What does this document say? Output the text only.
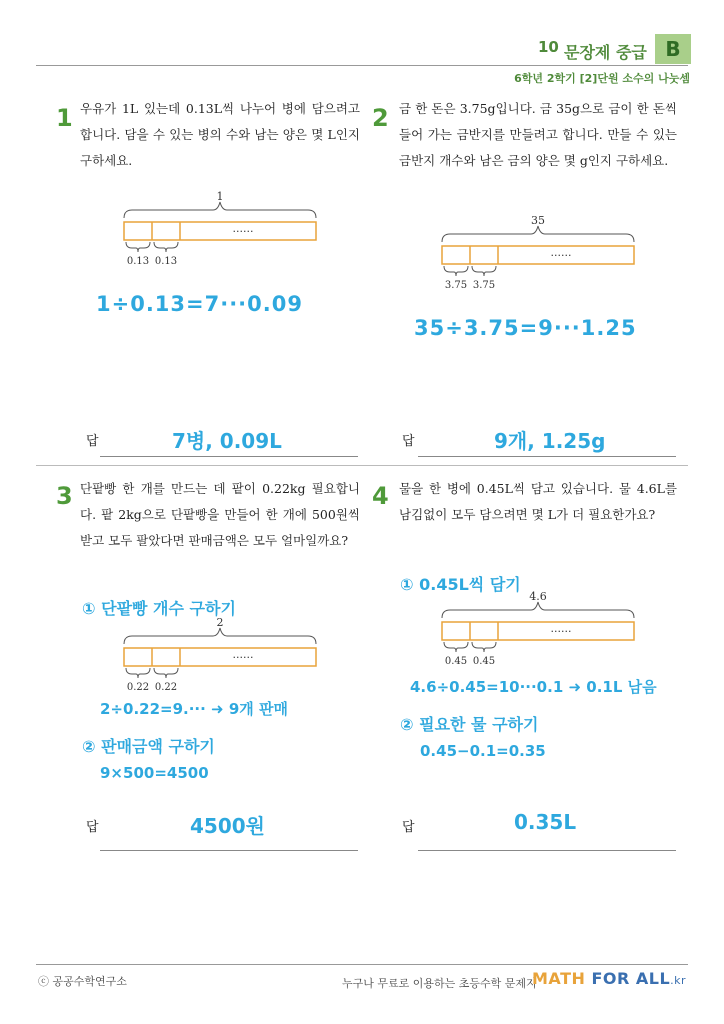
10 문장제 중급 B
6학년 2학기 [2]단원 소수의 나눗셈
1 우유가 1L 있는데 0.13L씩 나누어 병에 담으려고 합니다. 담을 수 있는 병의 수와 남는 양은 몇 L인지 구하세요.
1
······
0.13 0.13
1÷0.13=7···0.09
답	7병, 0.09L
2 금 한 돈은 3.75g입니다. 금 35g으로 금이 한 돈씩 들어 가는 금반지를 만들려고 합니다. 만들 수 있는 금반지 개수와 남은 금의 양은 몇 g인지 구하세요.
35
······
3.75 3.75
35÷3.75=9···1.25
답	9개, 1.25g
3 단팥빵 한 개를 만드는 데 팥이 0.22kg 필요합니다. 팥 2kg으로 단팥빵을 만들어 한 개에 500원씩 받고 모두 팔았다면 판매금액은 모두 얼마일까요?
① 단팥빵 개수 구하기
2
······
0.22 0.22
2÷0.22=9.··· ➜ 9개 판매
② 판매금액 구하기
9×500=4500
답	4500원
4 물을 한 병에 0.45L씩 담고 있습니다. 물 4.6L를 남김없이 모두 담으려면 몇 L가 더 필요한가요?
① 0.45L씩 담기
4.6
······
0.45 0.45
4.6÷0.45=10···0.1 ➜ 0.1L 남음
② 필요한 물 구하기
0.45−0.1=0.35
답	0.35L
ⓒ 공공수학연구소	누구나 무료로 이용하는 초등수학 문제지
MATH FOR ALL.kr
